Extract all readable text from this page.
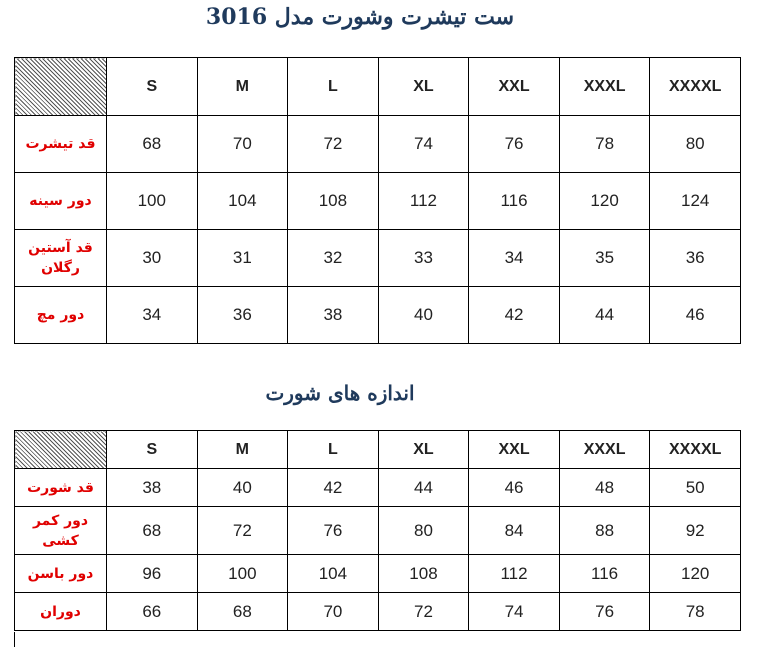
ست تیشرت وشورت مدل 3016
	S	M	L	XL	XXL	XXXL	XXXXL
قد تیشرت	68	70	72	74	76	78	80
دور سینه	100	104	108	112	116	120	124
قد آستین رگلان	30	31	32	33	34	35	36
دور مچ	34	36	38	40	42	44	46
اندازه های شورت
	S	M	L	XL	XXL	XXXL	XXXXL
قد شورت	38	40	42	44	46	48	50
دور کمر کشی	68	72	76	80	84	88	92
دور باسن	96	100	104	108	112	116	120
دوران	66	68	70	72	74	76	78
